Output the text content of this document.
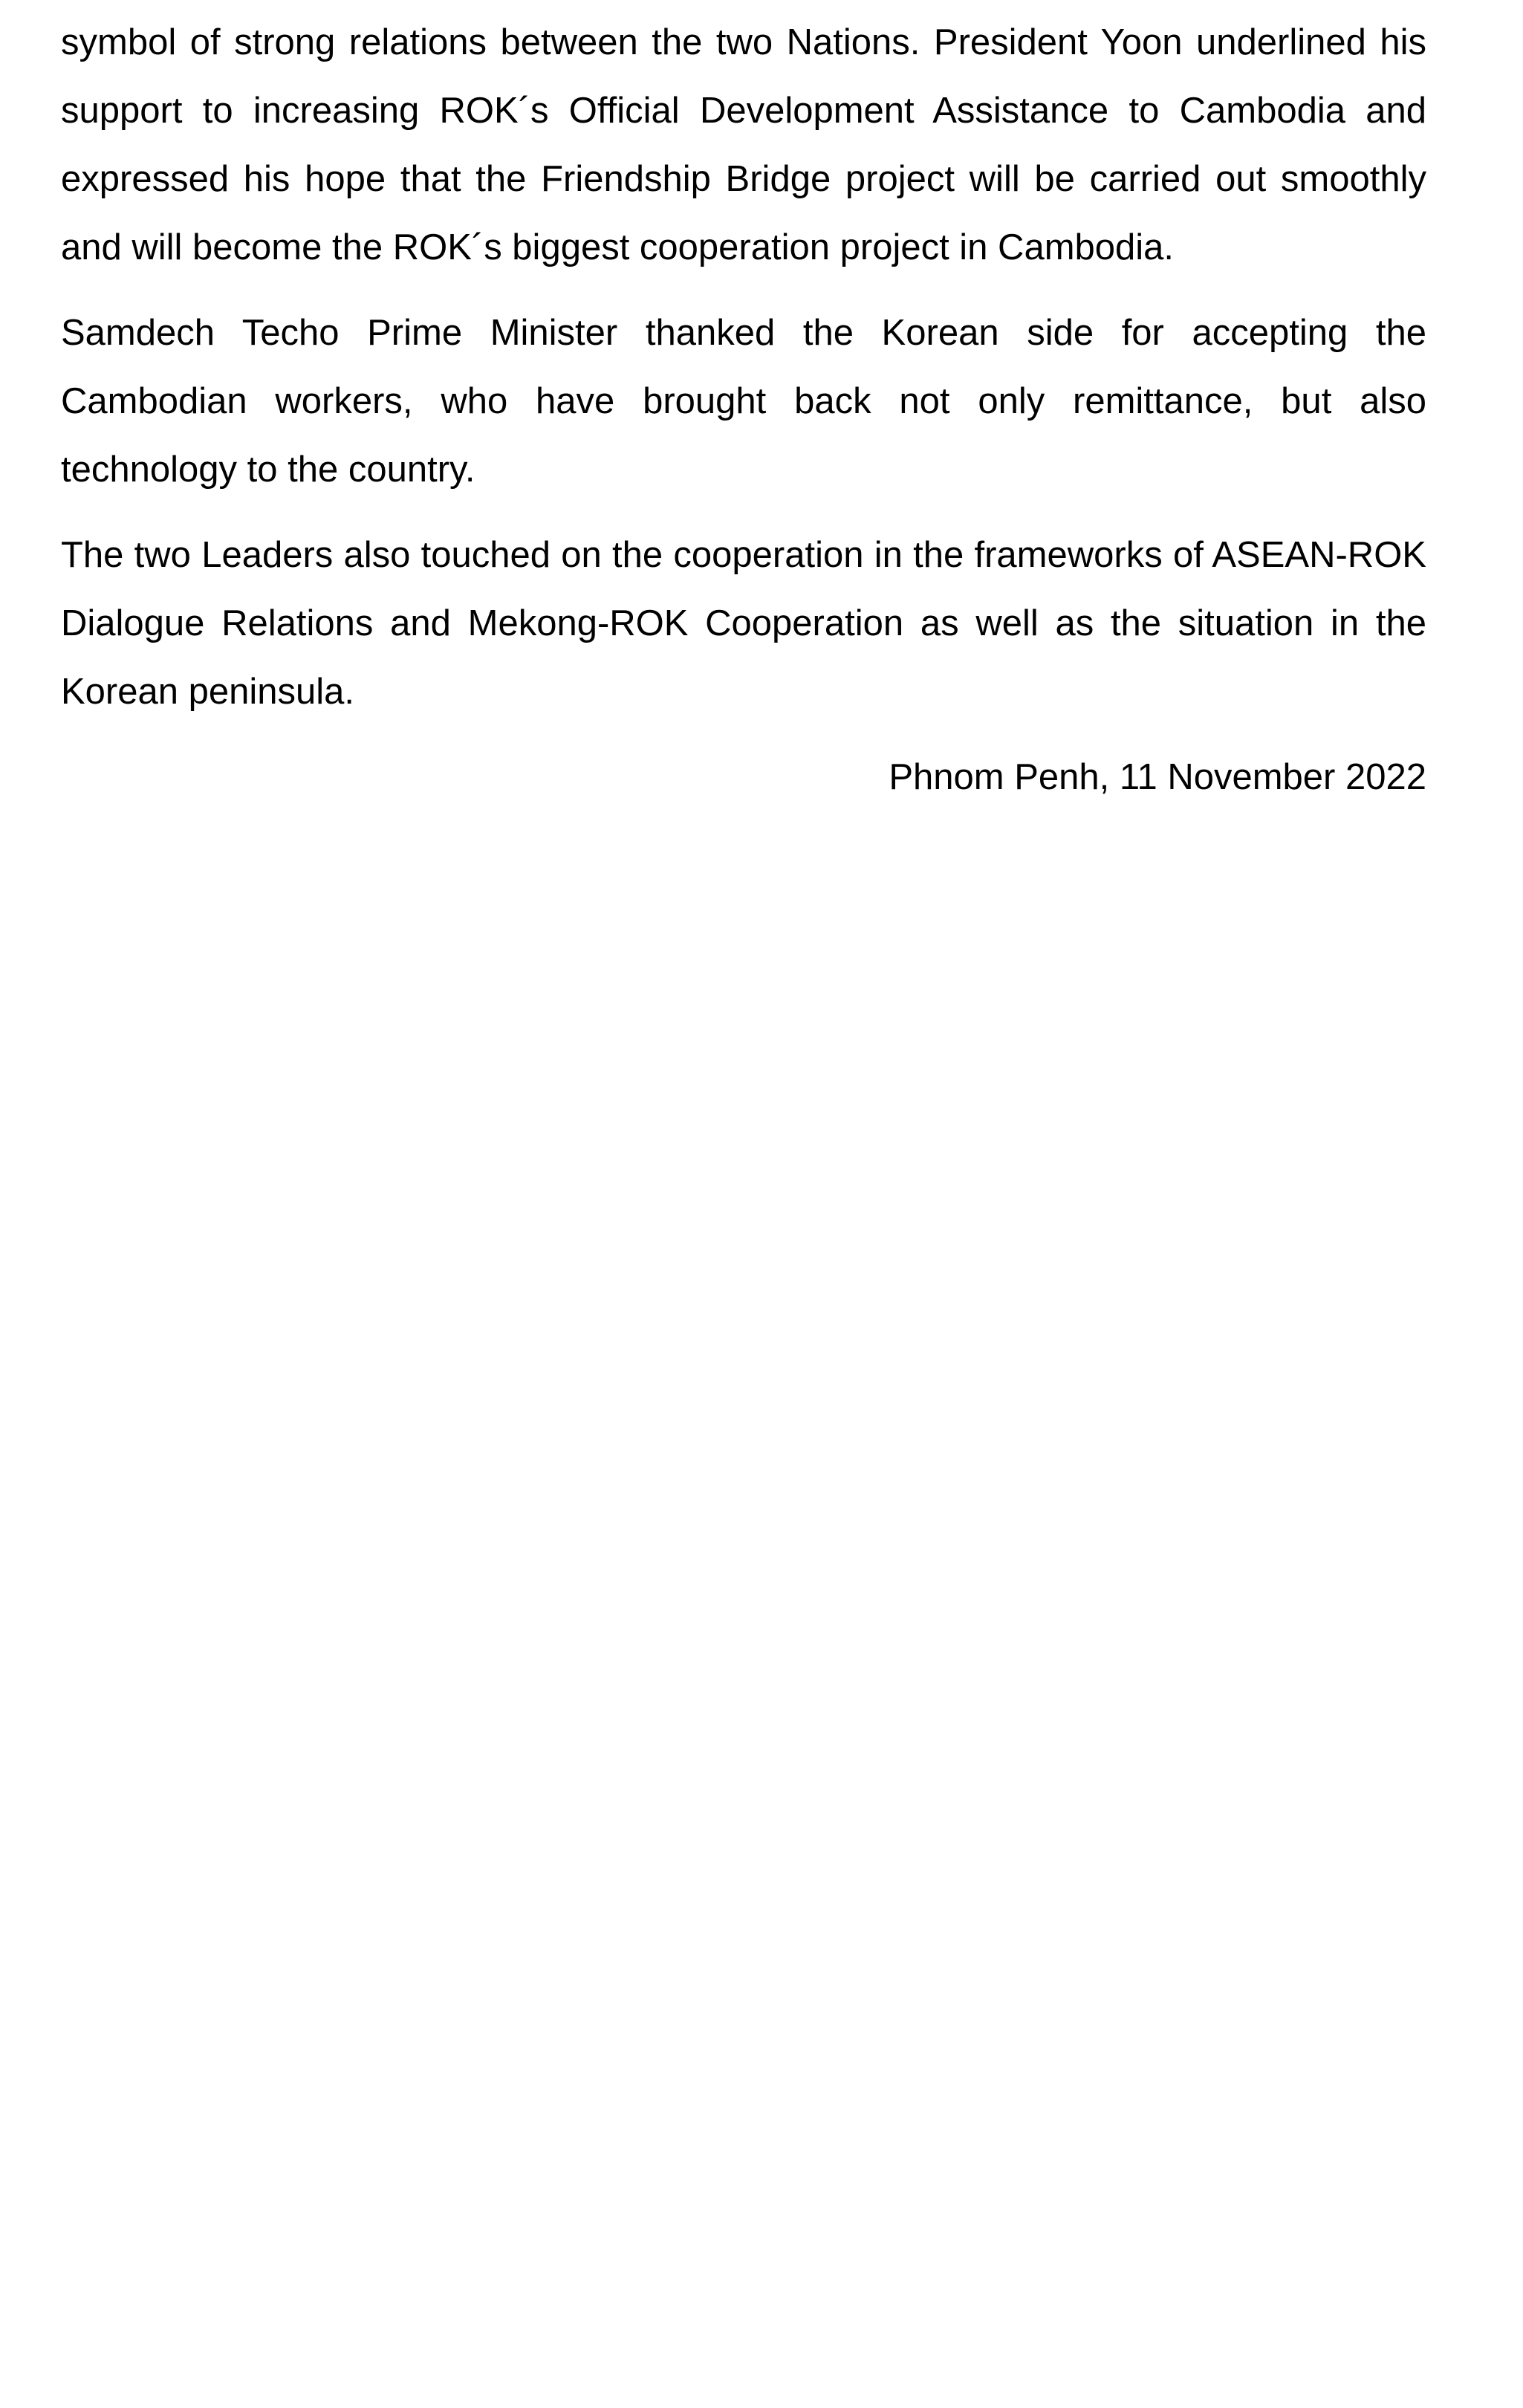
symbol of strong relations between the two Nations. President Yoon underlined his support to increasing ROK´s Official Development Assistance to Cambodia and expressed his hope that the Friendship Bridge project will be carried out smoothly and will become the ROK´s biggest cooperation project in Cambodia.

Samdech Techo Prime Minister thanked the Korean side for accepting the Cambodian workers, who have brought back not only remittance, but also technology to the country.

The two Leaders also touched on the cooperation in the frameworks of ASEAN-ROK Dialogue Relations and Mekong-ROK Cooperation as well as the situation in the Korean peninsula.

Phnom Penh, 11 November 2022
